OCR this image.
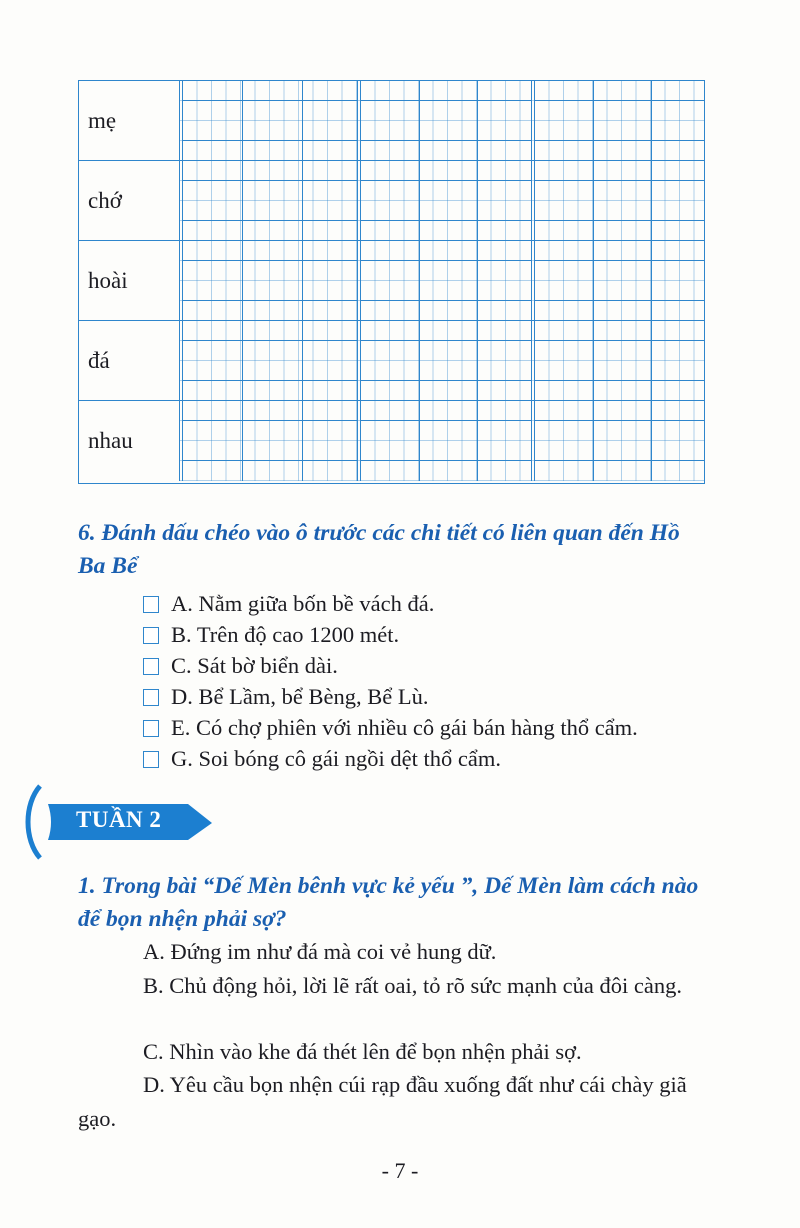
mẹ
chớ
hoài
đá
nhau
6. Đánh dấu chéo vào ô trước các chi tiết có liên quan đến Hồ Ba Bể
A. Nằm giữa bốn bề vách đá.
B. Trên độ cao 1200 mét.
C. Sát bờ biển dài.
D. Bể Lầm, bể Bèng, Bể Lù.
E. Có chợ phiên với nhiều cô gái bán hàng thổ cẩm.
G. Soi bóng cô gái ngồi dệt thổ cẩm.
TUẦN 2
1. Trong bài “Dế Mèn bênh vực kẻ yếu ”, Dế Mèn làm cách nào để bọn nhện phải sợ?
A. Đứng im như đá mà coi vẻ hung dữ.
B. Chủ động hỏi, lời lẽ rất oai, tỏ rõ sức mạnh của đôi càng.
C. Nhìn vào khe đá thét lên để bọn nhện phải sợ.
D. Yêu cầu bọn nhện cúi rạp đầu xuống đất như cái chày giã gạo.
- 7 -
